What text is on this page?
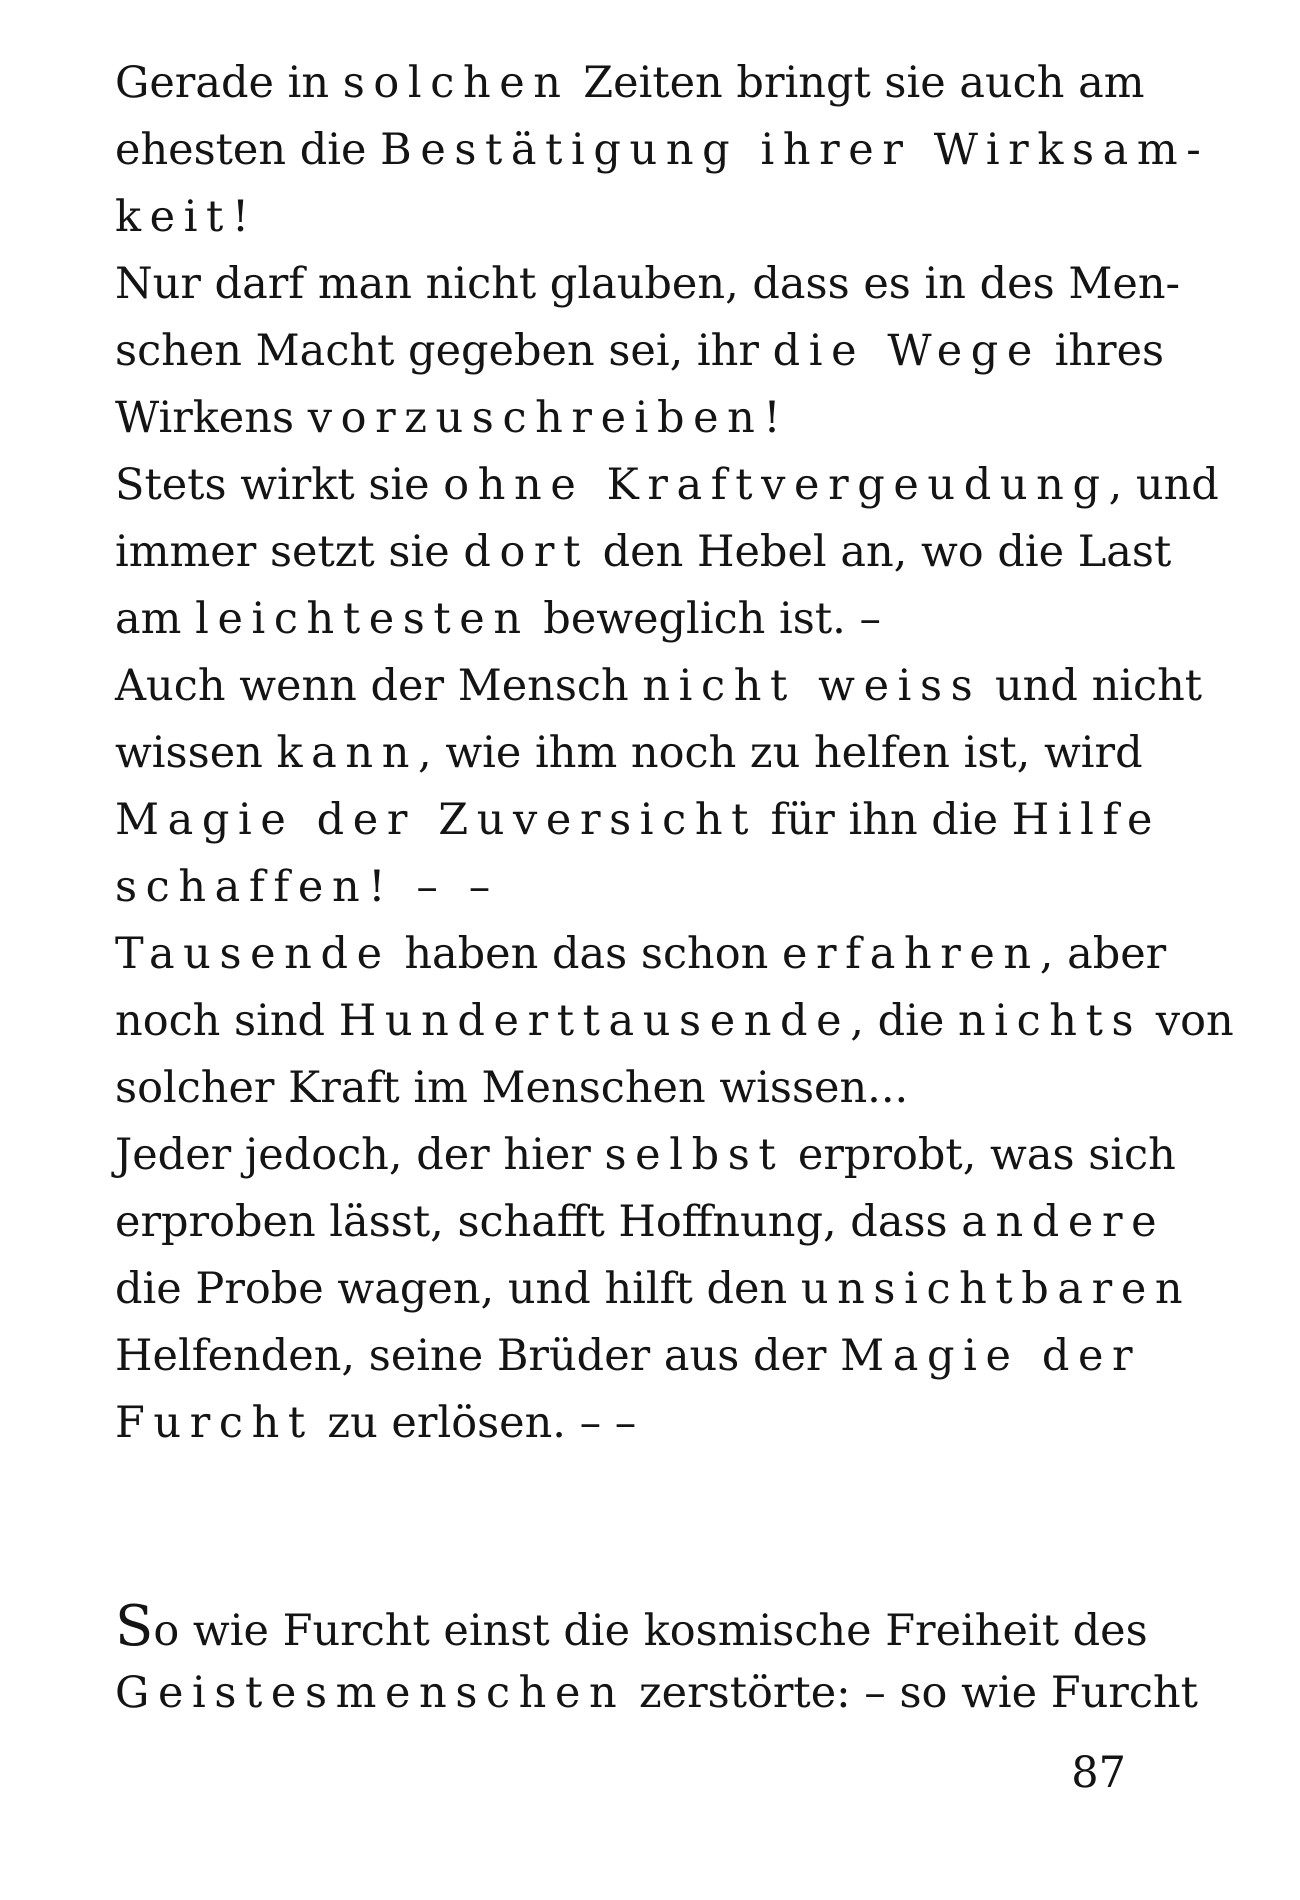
Gerade in solchen Zeiten bringt sie auch am
ehesten die Bestätigung ihrer Wirksam-
keit!
Nur darf man nicht glauben, dass es in des Men-
schen Macht gegeben sei, ihr die Wege ihres
Wirkens vorzuschreiben!
Stets wirkt sie ohne Kraftvergeudung, und
immer setzt sie dort den Hebel an, wo die Last
am leichtesten beweglich ist. –
Auch wenn der Mensch nicht weiss und nicht
wissen kann, wie ihm noch zu helfen ist, wird
Magie der Zuversicht für ihn die Hilfe
schaffen! – –
Tausende haben das schon erfahren, aber
noch sind Hunderttausende, die nichts von
solcher Kraft im Menschen wissen...
Jeder jedoch, der hier selbst erprobt, was sich
erproben lässt, schafft Hoffnung, dass andere
die Probe wagen, und hilft den unsichtbaren
Helfenden, seine Brüder aus der Magie der
Furcht zu erlösen. – –
So wie Furcht einst die kosmische Freiheit des
Geistesmenschen zerstörte: – so wie Furcht
87
